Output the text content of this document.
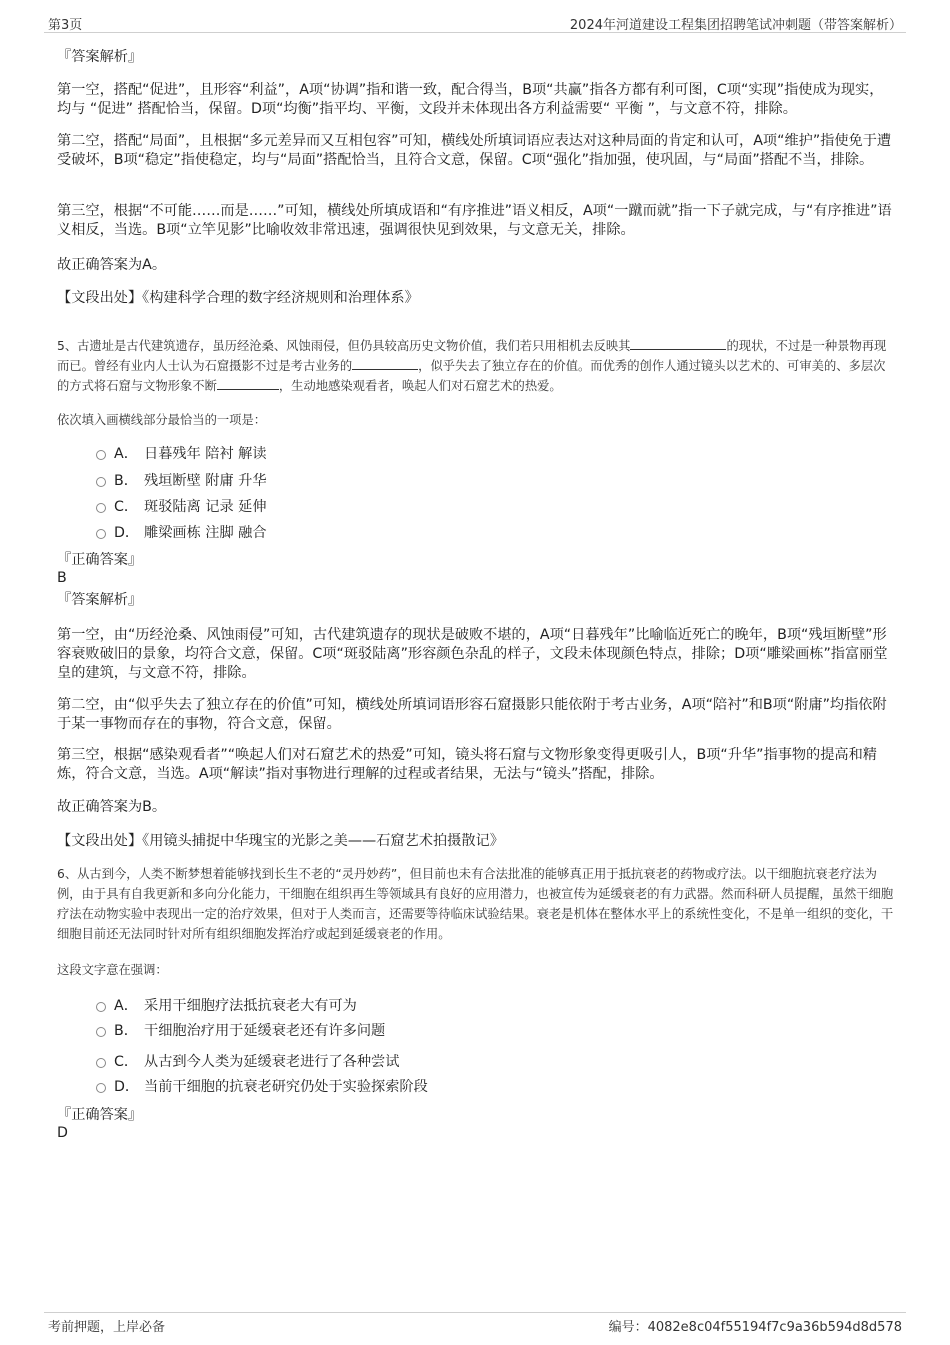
第3页	2024年河道建设工程集团招聘笔试冲刺题（带答案解析）
『答案解析』
第一空，搭配“促进”，且形容“利益”，A项“协调”指和谐一致，配合得当，B项“共赢”指各方都有利可图，C项“实现”指使成为现实，均与 “促进” 搭配恰当，保留。D项“均衡”指平均、平衡，文段并未体现出各方利益需要“ 平衡 ”，与文意不符，排除。
第二空，搭配“局面”，且根据“多元差异而又互相包容”可知，横线处所填词语应表达对这种局面的肯定和认可，A项“维护”指使免于遭受破坏，B项“稳定”指使稳定，均与“局面”搭配恰当，且符合文意，保留。C项“强化”指加强，使巩固，与“局面”搭配不当，排除。
第三空，根据“不可能……而是……”可知，横线处所填成语和“有序推进”语义相反，A项“一蹴而就”指一下子就完成，与“有序推进”语义相反，当选。B项“立竿见影”比喻收效非常迅速，强调很快见到效果，与文意无关，排除。
故正确答案为A。
【文段出处】《构建科学合理的数字经济规则和治理体系》
5、古遗址是古代建筑遗存，虽历经沧桑、风蚀雨侵，但仍具较高历史文物价值，我们若只用相机去反映其	的现状，不过是一种景物再现而已。曾经有业内人士认为石窟摄影不过是考古业务的	，似乎失去了独立存在的价值。而优秀的创作人通过镜头以艺术的、可审美的、多层次的方式将石窟与文物形象不断	，生动地感染观看者，唤起人们对石窟艺术的热爱。
依次填入画横线部分最恰当的一项是：
A． 日暮残年 陪衬 解读
B． 残垣断壁 附庸 升华
C． 斑驳陆离 记录 延伸
D． 雕梁画栋 注脚 融合
『正确答案』
B
『答案解析』
第一空，由“历经沧桑、风蚀雨侵”可知，古代建筑遗存的现状是破败不堪的，A项“日暮残年”比喻临近死亡的晚年，B项“残垣断壁”形容衰败破旧的景象，均符合文意，保留。C项“斑驳陆离”形容颜色杂乱的样子，文段未体现颜色特点，排除；D项“雕梁画栋”指富丽堂皇的建筑，与文意不符，排除。
第二空，由“似乎失去了独立存在的价值”可知，横线处所填词语形容石窟摄影只能依附于考古业务，A项“陪衬”和B项“附庸”均指依附于某一事物而存在的事物，符合文意，保留。
第三空，根据“感染观看者”“唤起人们对石窟艺术的热爱”可知，镜头将石窟与文物形象变得更吸引人，B项“升华”指事物的提高和精炼，符合文意，当选。A项“解读”指对事物进行理解的过程或者结果，无法与“镜头”搭配，排除。
故正确答案为B。
【文段出处】《用镜头捕捉中华瑰宝的光影之美——石窟艺术拍摄散记》
6、从古到今，人类不断梦想着能够找到长生不老的“灵丹妙药”，但目前也未有合法批准的能够真正用于抵抗衰老的药物或疗法。以干细胞抗衰老疗法为例，由于具有自我更新和多向分化能力，干细胞在组织再生等领域具有良好的应用潜力，也被宣传为延缓衰老的有力武器。然而科研人员提醒，虽然干细胞疗法在动物实验中表现出一定的治疗效果，但对于人类而言，还需要等待临床试验结果。衰老是机体在整体水平上的系统性变化，不是单一组织的变化，干细胞目前还无法同时针对所有组织细胞发挥治疗或起到延缓衰老的作用。
这段文字意在强调：
A． 采用干细胞疗法抵抗衰老大有可为
B． 干细胞治疗用于延缓衰老还有许多问题
C． 从古到今人类为延缓衰老进行了各种尝试
D． 当前干细胞的抗衰老研究仍处于实验探索阶段
『正确答案』
D
考前押题，上岸必备	编号：4082e8c04f55194f7c9a36b594d8d578
